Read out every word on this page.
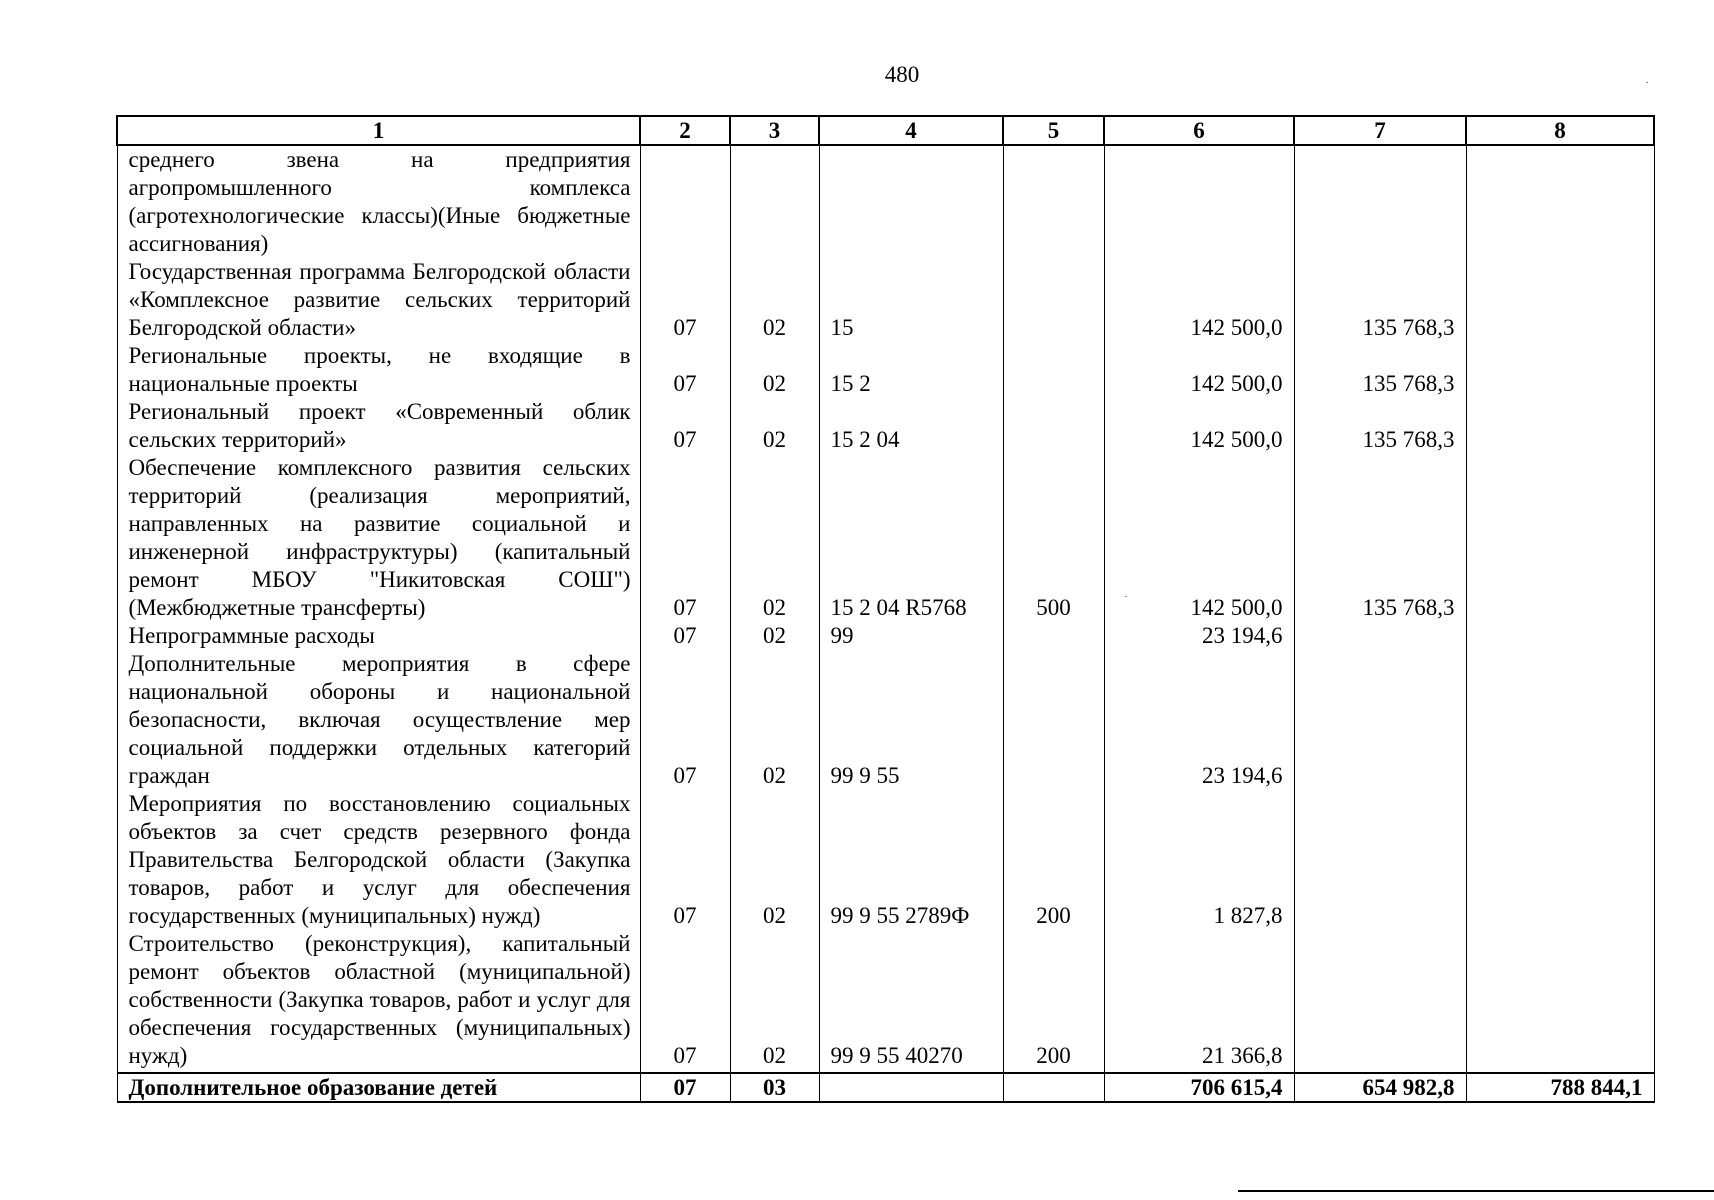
480
1	2	3	4	5	6	7	8
среднего звена на предприятия агропромышленного комплекса (агротехнологические классы)(Иные бюджетные ассигнования)							
Государственная программа Белгородской области «Комплексное развитие сельских территорий Белгородской области»	07	02	15		142 500,0	135 768,3	
Региональные проекты, не входящие в национальные проекты	07	02	15 2		142 500,0	135 768,3	
Региональный проект «Современный облик сельских территорий»	07	02	15 2 04		142 500,0	135 768,3	
Обеспечение комплексного развития сельских территорий (реализация мероприятий, направленных на развитие социальной и инженерной инфраструктуры) (капитальный ремонт МБОУ "Никитовская СОШ") (Межбюджетные трансферты)	07	02	15 2 04 R5768	500	142 500,0	135 768,3	
Непрограммные расходы	07	02	99		23 194,6		
Дополнительные мероприятия в сфере национальной обороны и национальной безопасности, включая осуществление мер социальной поддержки отдельных категорий граждан	07	02	99 9 55		23 194,6		
Мероприятия по восстановлению социальных объектов за счет средств резервного фонда Правительства Белгородской области (Закупка товаров, работ и услуг для обеспечения государственных (муниципальных) нужд)	07	02	99 9 55 2789Ф	200	1 827,8		
Строительство (реконструкция), капитальный ремонт объектов областной (муниципальной) собственности (Закупка товаров, работ и услуг для обеспечения государственных (муниципальных) нужд)	07	02	99 9 55 40270	200	21 366,8		
Дополнительное образование детей	07	03			706 615,4	654 982,8	788 844,1
